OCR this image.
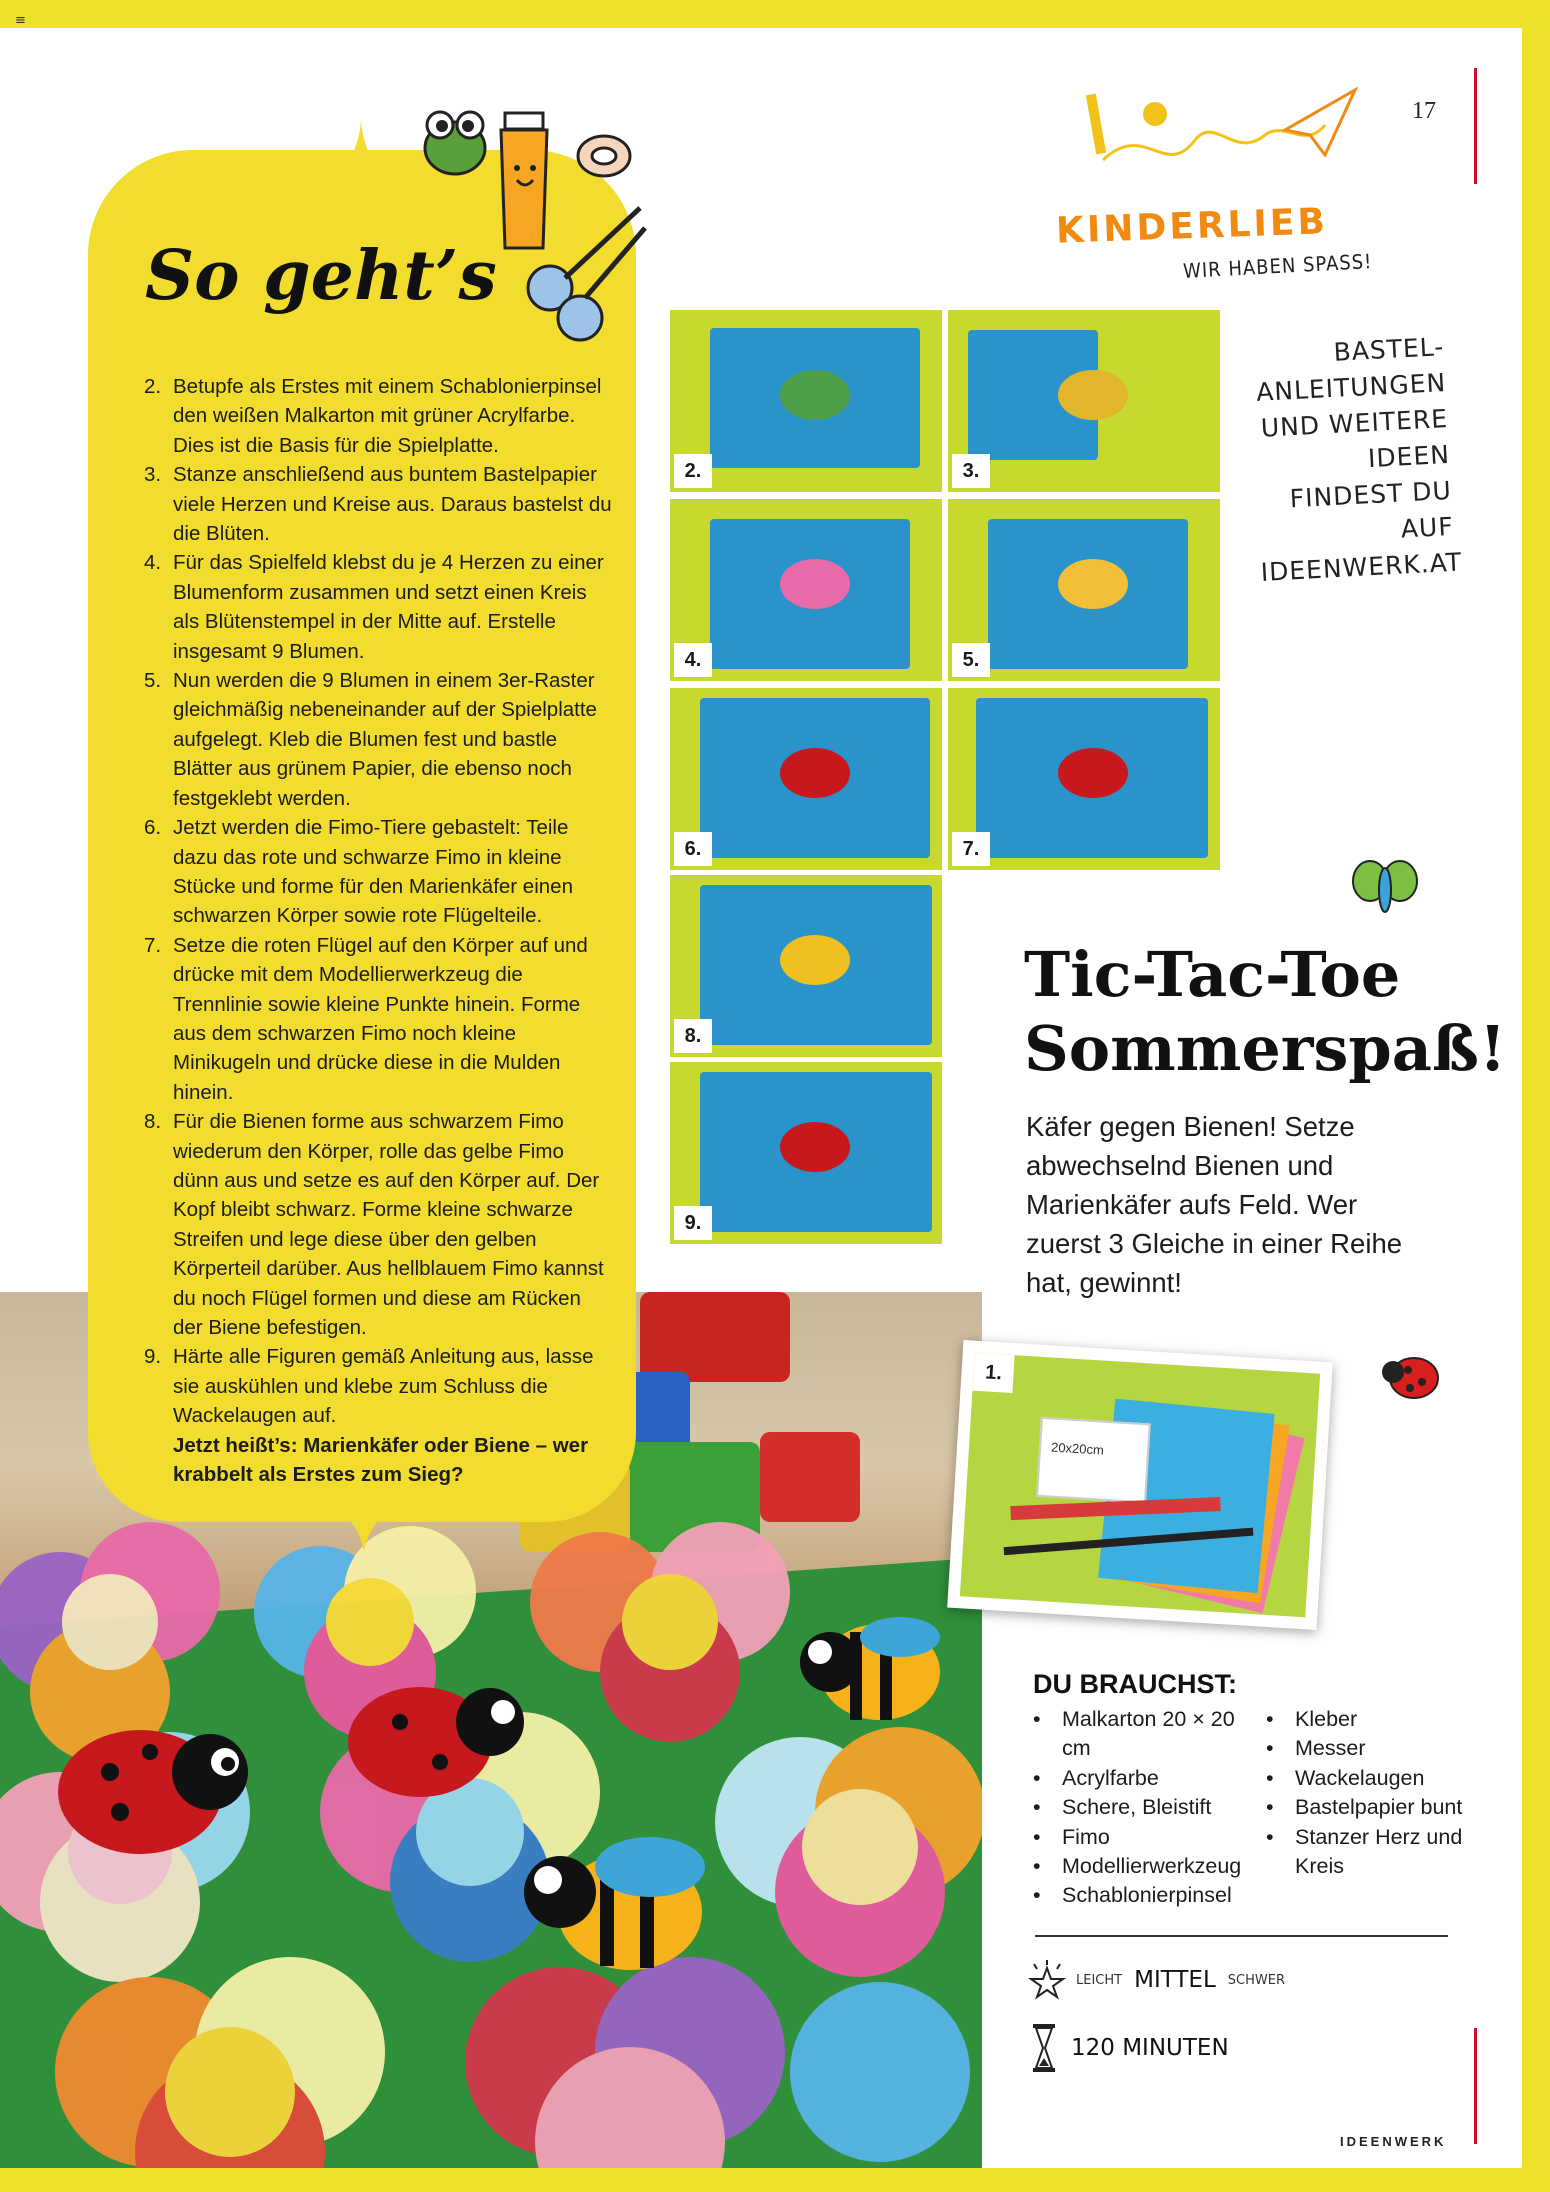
≡
So geht’s
2. Betupfe als Erstes mit einem Schablonierpinsel den weißen Malkarton mit grüner Acrylfarbe. Dies ist die Basis für die Spielplatte.
3. Stanze anschließend aus buntem Bastelpapier viele Herzen und Kreise aus. Daraus bastelst du die Blüten.
4. Für das Spielfeld klebst du je 4 Herzen zu einer Blumenform zusammen und setzt einen Kreis als Blütenstempel in der Mitte auf. Erstelle insgesamt 9 Blumen.
5. Nun werden die 9 Blumen in einem 3er-Raster gleichmäßig nebeneinander auf der Spielplatte aufgelegt. Kleb die Blumen fest und bastle Blätter aus grünem Papier, die ebenso noch festgeklebt werden.
6. Jetzt werden die Fimo-Tiere gebastelt: Teile dazu das rote und schwarze Fimo in kleine Stücke und forme für den Marienkäfer einen schwarzen Körper sowie rote Flügelteile.
7. Setze die roten Flügel auf den Körper auf und drücke mit dem Modellierwerkzeug die Trennlinie sowie kleine Punkte hinein. Forme aus dem schwarzen Fimo noch kleine Minikugeln und drücke diese in die Mulden hinein.
8. Für die Bienen forme aus schwarzem Fimo wiederum den Körper, rolle das gelbe Fimo dünn aus und setze es auf den Körper auf. Der Kopf bleibt schwarz. Forme kleine schwarze Streifen und lege diese über den gelben Körperteil darüber. Aus hellblauem Fimo kannst du noch Flügel formen und diese am Rücken der Biene befestigen.
9. Härte alle Figuren gemäß Anleitung aus, lasse sie auskühlen und klebe zum Schluss die Wackelaugen auf.
Jetzt heißt’s: Marienkäfer oder Biene – wer krabbelt als Erstes zum Sieg?
2.	3.
4.	5.
6.	7.
8.
9.
17
KINDERLIEB
WIR HABEN SPASS!
BASTEL-ANLEITUNGEN UND WEITERE IDEEN FINDEST DU AUF IDEENWERK.AT
Tic-Tac-Toe
Sommerspaß!
Käfer gegen Bienen! Setze abwechselnd Bienen und Marienkäfer aufs Feld. Wer zuerst 3 Gleiche in einer Reihe hat, gewinnt!
20x20cm
1.
DU BRAUCHST:
• Malkarton 20 × 20 cm
• Acrylfarbe
• Schere, Bleistift
• Fimo
• Modellierwerkzeug
• Schablonierpinsel
• Kleber
• Messer
• Wackelaugen
• Bastelpapier bunt
• Stanzer Herz und Kreis
LEICHT MITTEL SCHWER
120 MINUTEN
IDEENWERK
